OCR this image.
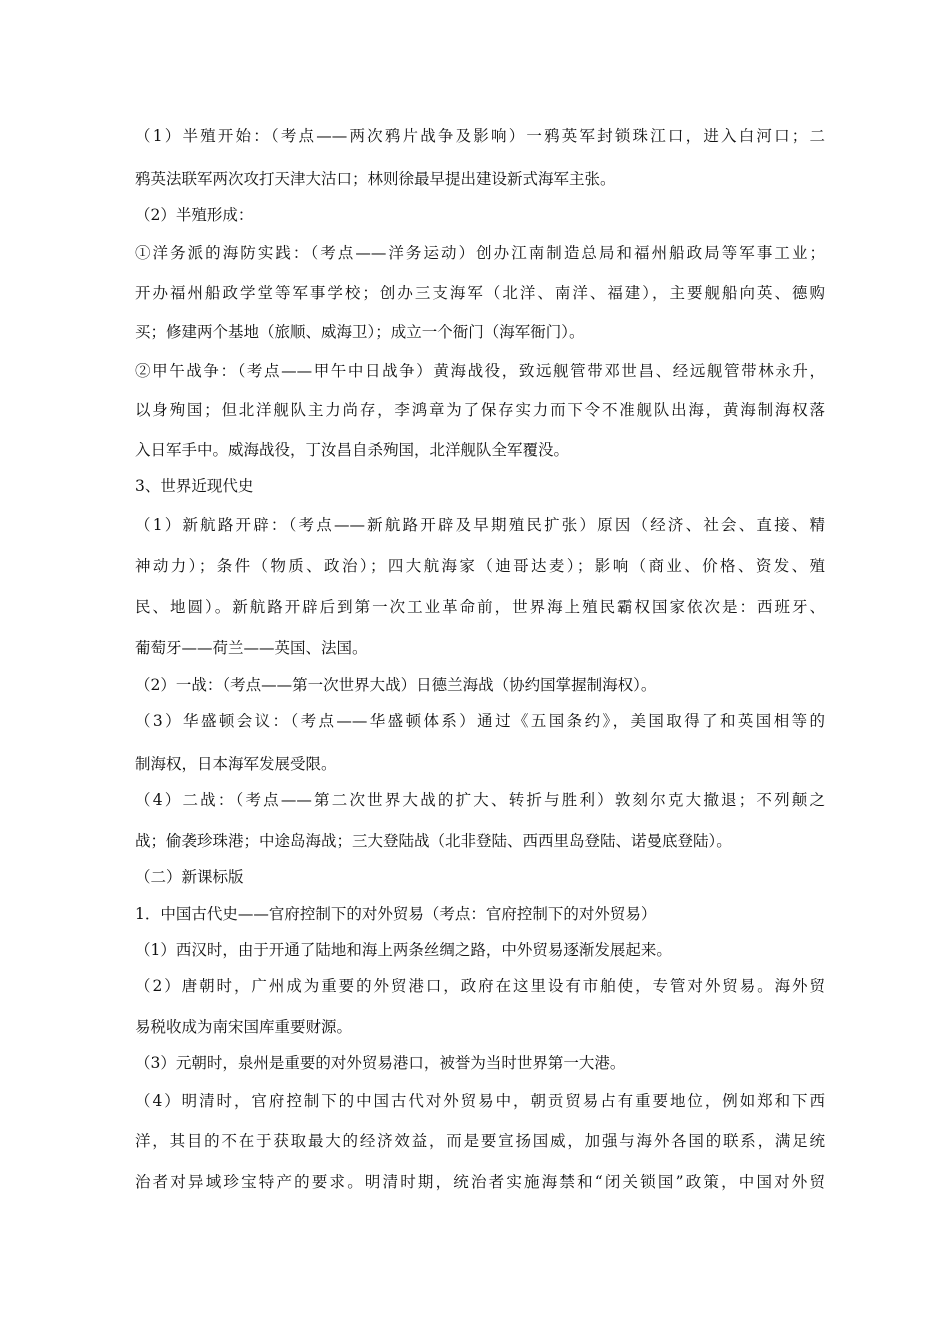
（1）半殖开始：（考点——两次鸦片战争及影响）一鸦英军封锁珠江口，进入白河口；二
鸦英法联军两次攻打天津大沽口；林则徐最早提出建设新式海军主张。
（2）半殖形成：
①洋务派的海防实践：（考点——洋务运动）创办江南制造总局和福州船政局等军事工业；
开办福州船政学堂等军事学校；创办三支海军（北洋、南洋、福建），主要舰船向英、德购
买；修建两个基地（旅顺、威海卫）；成立一个衙门（海军衙门）。
②甲午战争：（考点——甲午中日战争）黄海战役，致远舰管带邓世昌、经远舰管带林永升，
以身殉国；但北洋舰队主力尚存，李鸿章为了保存实力而下令不准舰队出海，黄海制海权落
入日军手中。威海战役，丁汝昌自杀殉国，北洋舰队全军覆没。
3、世界近现代史
（1）新航路开辟：（考点——新航路开辟及早期殖民扩张）原因（经济、社会、直接、精
神动力）；条件（物质、政治）；四大航海家（迪哥达麦）；影响（商业、价格、资发、殖
民、地圆）。新航路开辟后到第一次工业革命前，世界海上殖民霸权国家依次是：西班牙、
葡萄牙——荷兰——英国、法国。
（2）一战：（考点——第一次世界大战）日德兰海战（协约国掌握制海权）。
（3）华盛顿会议：（考点——华盛顿体系）通过《五国条约》，美国取得了和英国相等的
制海权，日本海军发展受限。
（4）二战：（考点——第二次世界大战的扩大、转折与胜利）敦刻尔克大撤退；不列颠之
战；偷袭珍珠港；中途岛海战；三大登陆战（北非登陆、西西里岛登陆、诺曼底登陆）。
（二）新课标版
1．中国古代史——官府控制下的对外贸易（考点：官府控制下的对外贸易）
（1）西汉时，由于开通了陆地和海上两条丝绸之路，中外贸易逐渐发展起来。
（2）唐朝时，广州成为重要的外贸港口，政府在这里设有市舶使，专管对外贸易。海外贸
易税收成为南宋国库重要财源。
（3）元朝时，泉州是重要的对外贸易港口，被誉为当时世界第一大港。
（4）明清时，官府控制下的中国古代对外贸易中，朝贡贸易占有重要地位，例如郑和下西
洋，其目的不在于获取最大的经济效益，而是要宣扬国威，加强与海外各国的联系，满足统
治者对异域珍宝特产的要求。明清时期，统治者实施海禁和“闭关锁国”政策，中国对外贸
